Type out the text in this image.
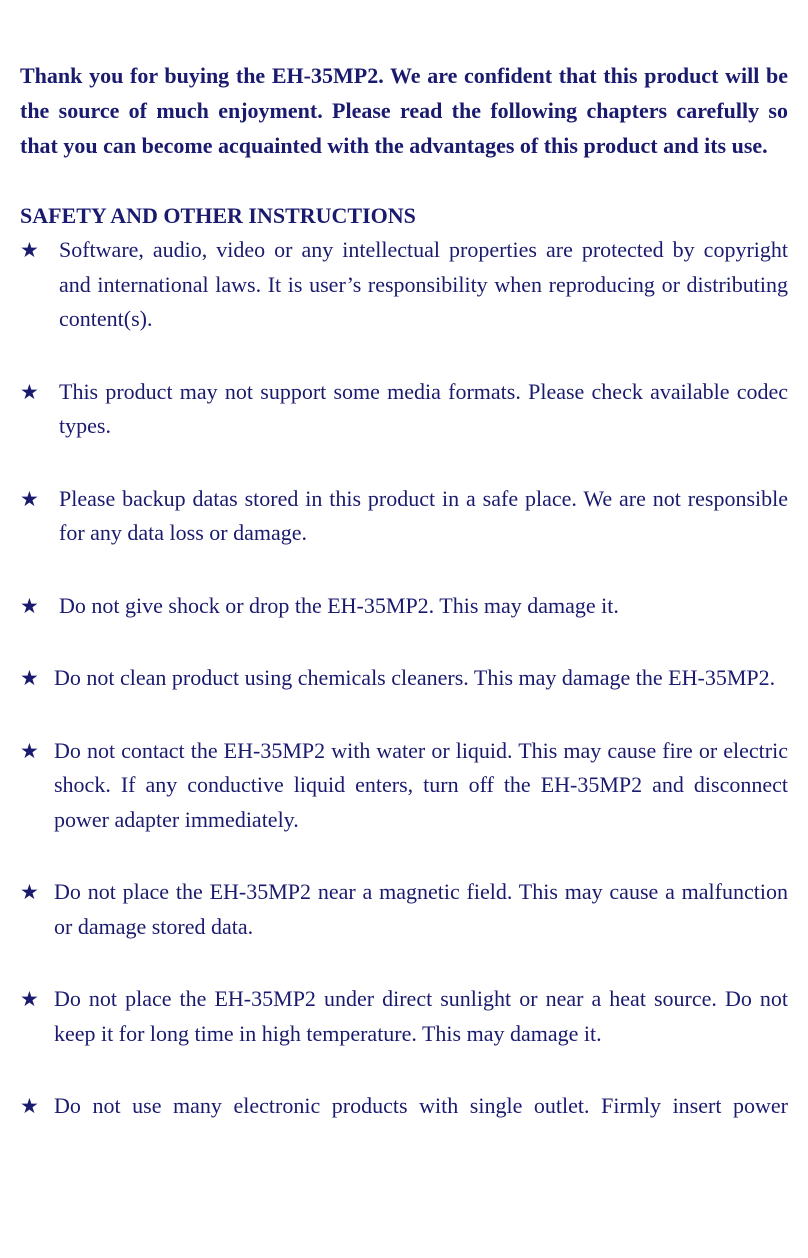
Thank you for buying the EH-35MP2. We are confident that this product will be the source of much enjoyment. Please read the following chapters carefully so that you can become acquainted with the advantages of this product and its use.

SAFETY AND OTHER INSTRUCTIONS
★ Software, audio, video or any intellectual properties are protected by copyright and international laws. It is user’s responsibility when reproducing or distributing content(s).
★ This product may not support some media formats. Please check available codec types.
★ Please backup datas stored in this product in a safe place. We are not responsible for any data loss or damage.
★ Do not give shock or drop the EH-35MP2. This may damage it.
★ Do not clean product using chemicals cleaners. This may damage the EH-35MP2.
★ Do not contact the EH-35MP2 with water or liquid. This may cause fire or electric shock. If any conductive liquid enters, turn off the EH-35MP2 and disconnect power adapter immediately.
★ Do not place the EH-35MP2 near a magnetic field. This may cause a malfunction or damage stored data.
★ Do not place the EH-35MP2 under direct sunlight or near a heat source. Do not keep it for long time in high temperature. This may damage it.
★ Do not use many electronic products with single outlet. Firmly insert power
